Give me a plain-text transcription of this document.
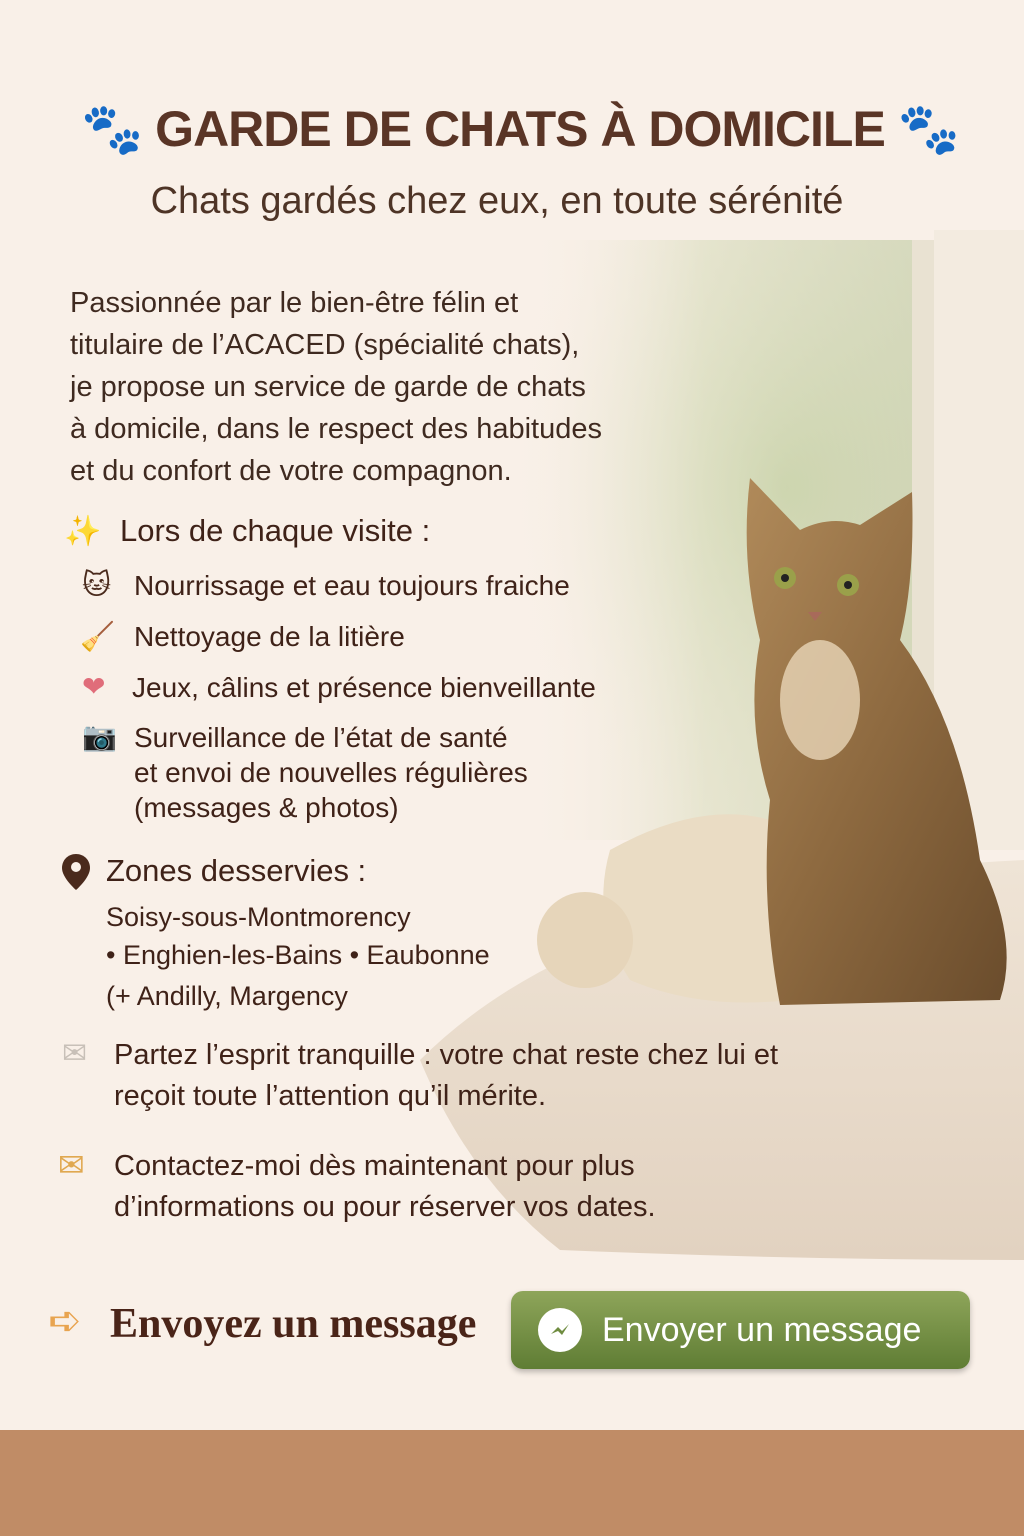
🐾 GARDE DE CHATS À DOMICILE 🐾
Chats gardés chez eux, en toute sérénité
Passionnée par le bien-être félin et
titulaire de l’ACACED (spécialité chats),
je propose un service de garde de chats
à domicile, dans le respect des habitudes
et du confort de votre compagnon.
✨ Lors de chaque visite :
🐱 Nourrissage et eau toujours fraiche
🧹 Nettoyage de la litière
❤ Jeux, câlins et présence bienveillante
📷 Surveillance de l’état de santé
et envoi de nouvelles régulières
(messages & photos)
Zones desservies :
Soisy-sous-Montmorency
• Enghien-les-Bains • Eaubonne
(+ Andilly, Margency
✉ Partez l’esprit tranquille : votre chat reste chez lui et
reçoit toute l’attention qu’il mérite.
✉ Contactez-moi dès maintenant pour plus
d’informations ou pour réserver vos dates.
➪ Envoyez un message	Envoyer un message
